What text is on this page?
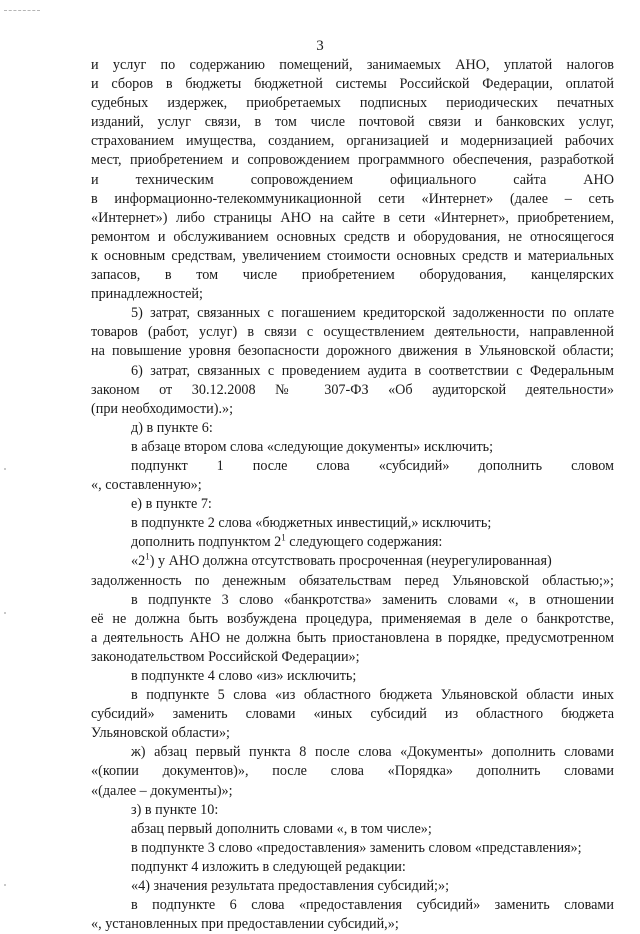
3
и услуг по содержанию помещений, занимаемых АНО, уплатой налогов
и сборов в бюджеты бюджетной системы Российской Федерации, оплатой
судебных издержек, приобретаемых подписных периодических печатных
изданий, услуг связи, в том числе почтовой связи и банковских услуг,
страхованием имущества, созданием, организацией и модернизацией рабочих
мест, приобретением и сопровождением программного обеспечения, разработкой
и техническим сопровождением официального сайта АНО
в информационно-телекоммуникационной сети «Интернет» (далее – сеть
«Интернет») либо страницы АНО на сайте в сети «Интернет», приобретением,
ремонтом и обслуживанием основных средств и оборудования, не относящегося
к основным средствам, увеличением стоимости основных средств и материальных
запасов, в том числе приобретением оборудования, канцелярских
принадлежностей;
5) затрат, связанных с погашением кредиторской задолженности по оплате
товаров (работ, услуг) в связи с осуществлением деятельности, направленной
на повышение уровня безопасности дорожного движения в Ульяновской области;
6) затрат, связанных с проведением аудита в соответствии с Федеральным
законом от 30.12.2008 № 307-ФЗ «Об аудиторской деятельности»
(при необходимости).»;
д) в пункте 6:
в абзаце втором слова «следующие документы» исключить;
подпункт 1 после слова «субсидий» дополнить словом
«, составленную»;
е) в пункте 7:
в подпункте 2 слова «бюджетных инвестиций,» исключить;
дополнить подпунктом $2^1$ следующего содержания:
«$2^1$) у АНО должна отсутствовать просроченная (неурегулированная)
задолженность по денежным обязательствам перед Ульяновской областью;»;
в подпункте 3 слово «банкротства» заменить словами «, в отношении
её не должна быть возбуждена процедура, применяемая в деле о банкротстве,
а деятельность АНО не должна быть приостановлена в порядке, предусмотренном
законодательством Российской Федерации»;
в подпункте 4 слово «из» исключить;
в подпункте 5 слова «из областного бюджета Ульяновской области иных
субсидий» заменить словами «иных субсидий из областного бюджета
Ульяновской области»;
ж) абзац первый пункта 8 после слова «Документы» дополнить словами
«(копии документов)», после слова «Порядка» дополнить словами
«(далее – документы)»;
з) в пункте 10:
абзац первый дополнить словами «, в том числе»;
в подпункте 3 слово «предоставления» заменить словом «представления»;
подпункт 4 изложить в следующей редакции:
«4) значения результата предоставления субсидий;»;
в подпункте 6 слова «предоставления субсидий» заменить словами
«, установленных при предоставлении субсидий,»;
